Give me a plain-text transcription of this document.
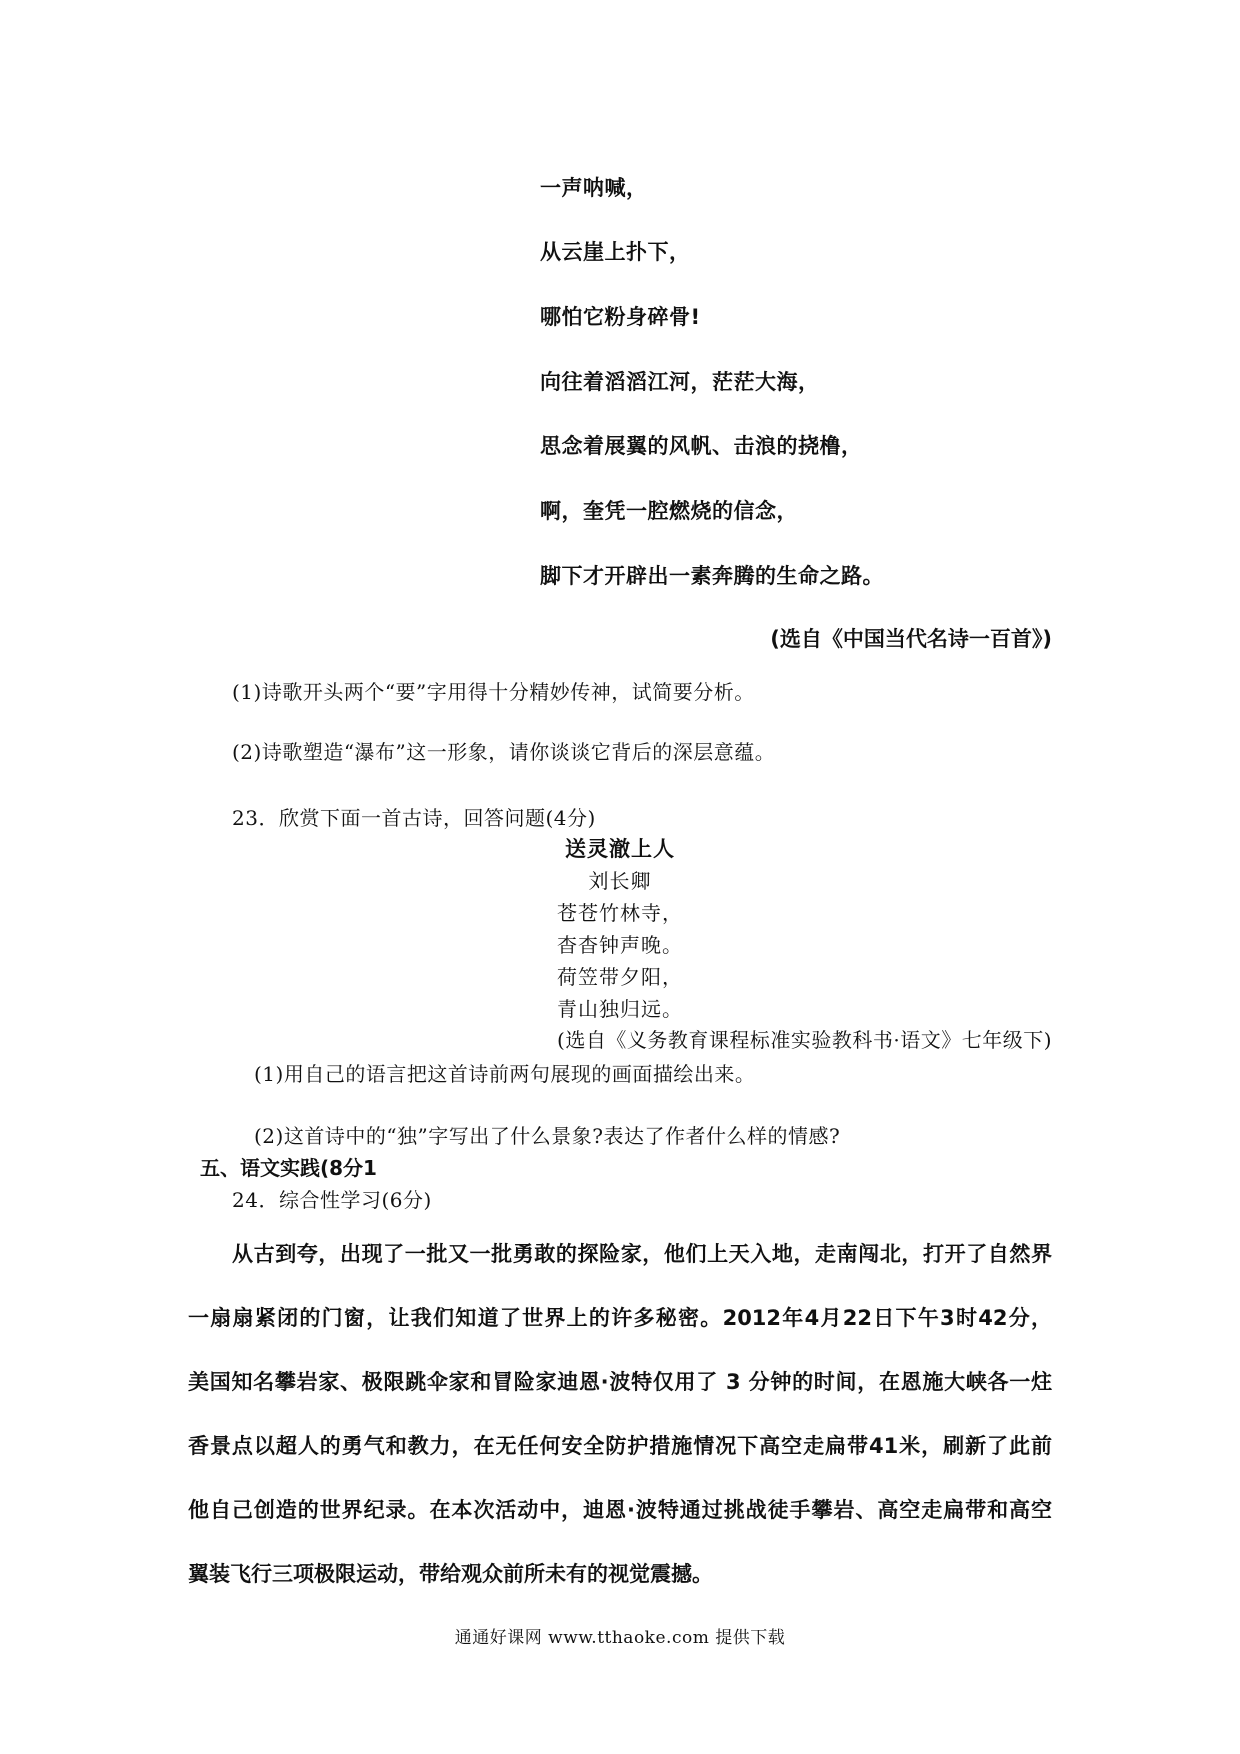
一声呐喊，
从云崖上扑下，
哪怕它粉身碎骨!
向往着滔滔江河，茫茫大海，
思念着展翼的风帆、击浪的挠橹，
啊，奎凭一腔燃烧的信念，
脚下才开辟出一素奔腾的生命之路。
(选自《中国当代名诗一百首》)
(1)诗歌开头两个“要”字用得十分精妙传神，试简要分析。
(2)诗歌塑造“瀑布”这一形象，请你谈谈它背后的深层意蕴。
23．欣赏下面一首古诗，回答问题(4分)
送灵澈上人
刘长卿
苍苍竹林寺，
杳杳钟声晚。
荷笠带夕阳，
青山独归远。
(选自《义务教育课程标准实验教科书·语文》七年级下)
(1)用自己的语言把这首诗前两句展现的画面描绘出来。
(2)这首诗中的“独”字写出了什么景象?表达了作者什么样的情感?
五、语文实践(8分1
24．综合性学习(6分)
从古到夸，出现了一批又一批勇敢的探险家，他们上天入地，走南闯北，打开了自然界
一扇扇紧闭的门窗，让我们知道了世界上的许多秘密。2012年4月22日下午3时42分，
美国知名攀岩家、极限跳伞家和冒险家迪恩·波特仅用了 3 分钟的时间，在恩施大峡各一炷
香景点以超人的勇气和教力，在无任何安全防护措施情况下高空走扁带41米，刷新了此前
他自己创造的世界纪录。在本次活动中，迪恩·波特通过挑战徒手攀岩、高空走扁带和高空
翼装飞行三项极限运动，带给观众前所未有的视觉震撼。
通通好课网 www.tthaoke.com 提供下载
